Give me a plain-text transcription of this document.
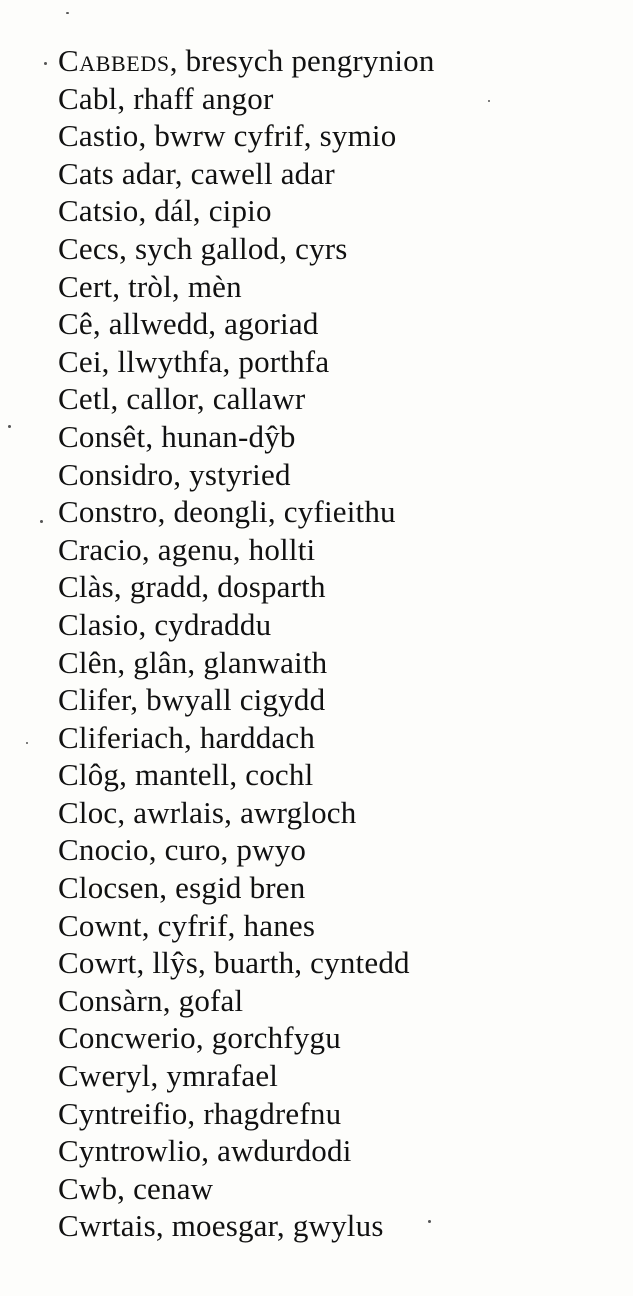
Cabbeds, bresych pengrynion
Cabl, rhaff angor
Castio, bwrw cyfrif, symio
Cats adar, cawell adar
Catsio, dál, cipio
Cecs, sych gallod, cyrs
Cert, tròl, mèn
Cê, allwedd, agoriad
Cei, llwythfa, porthfa
Cetl, callor, callawr
Consêt, hunan-dŷb
Considro, ystyried
Constro, deongli, cyfieithu
Cracio, agenu, hollti
Clàs, gradd, dosparth
Clasio, cydraddu
Clên, glân, glanwaith
Clifer, bwyall cigydd
Cliferiach, harddach
Clôg, mantell, cochl
Cloc, awrlais, awrgloch
Cnocio, curo, pwyo
Clocsen, esgid bren
Cownt, cyfrif, hanes
Cowrt, llŷs, buarth, cyntedd
Consàrn, gofal
Concwerio, gorchfygu
Cweryl, ymrafael
Cyntreifio, rhagdrefnu
Cyntrowlio, awdurdodi
Cwb, cenaw
Cwrtais, moesgar, gwylus
